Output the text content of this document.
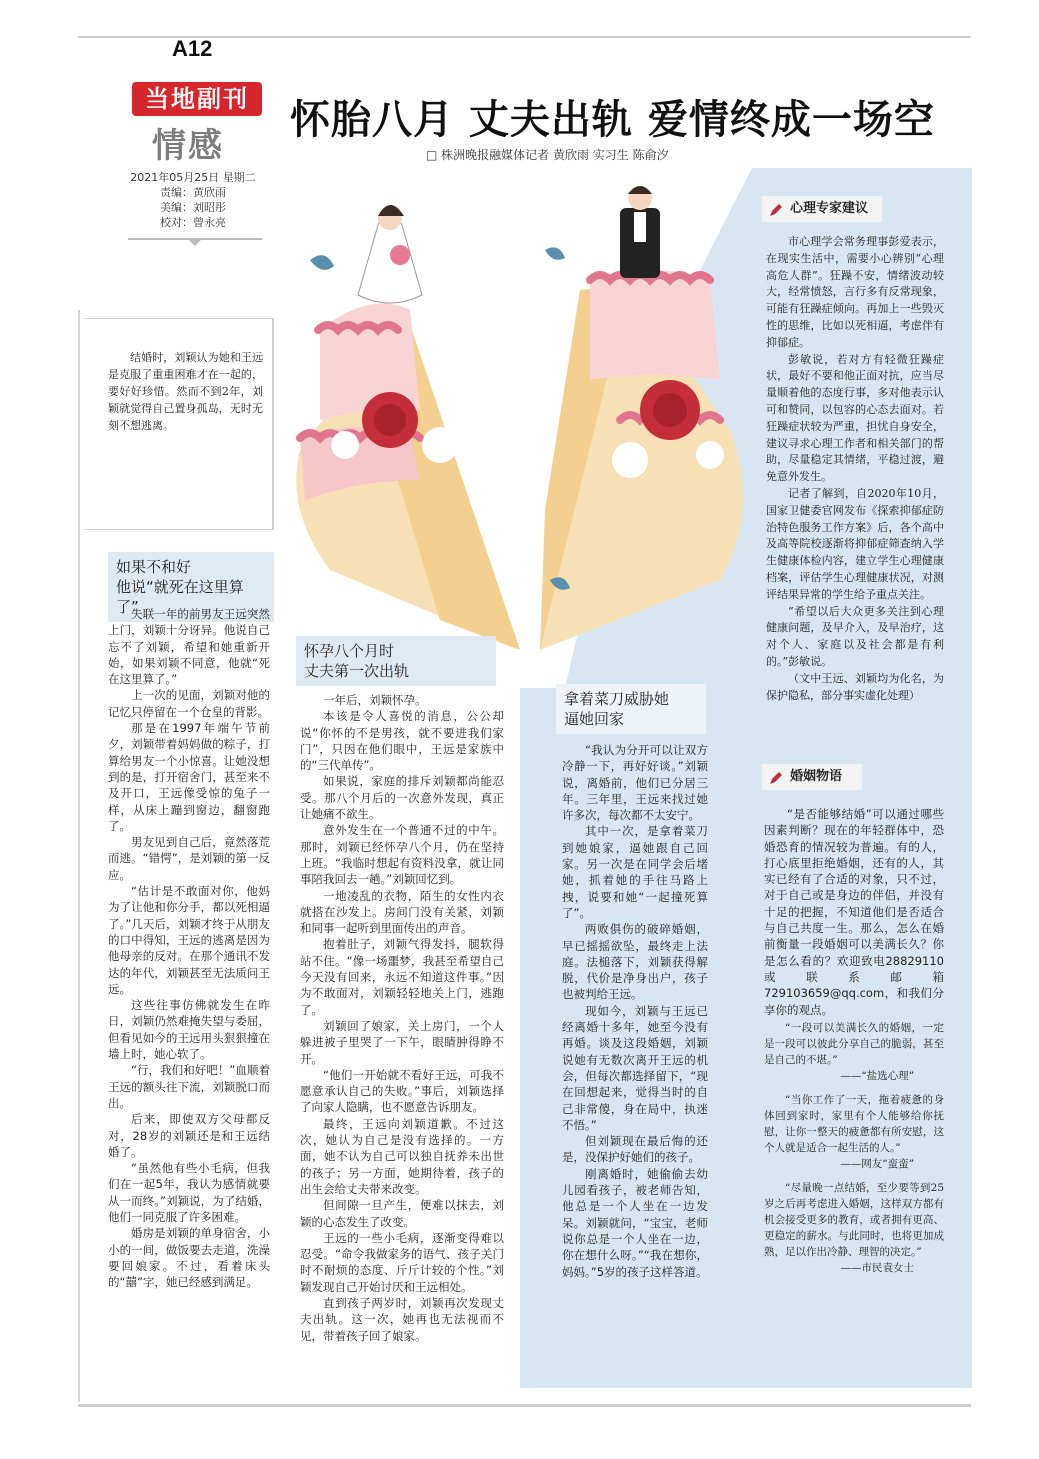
A12
当地副刊
情感
2021年05月25日 星期二
责编：黄欣雨
美编：刘昭彤
校对：曾永亮
怀胎八月 丈夫出轨 爱情终成一场空
□ 株洲晚报融媒体记者 黄欣雨 实习生 陈俞汐

结婚时，刘颖认为她和王远是克服了重重困难才在一起的，要好好珍惜。然而不到2年，刘颖就觉得自己置身孤岛，无时无刻不想逃离。

如果不和好
他说“就死在这里算了”

失联一年的前男友王远突然上门，刘颖十分讶异。他说自己忘不了刘颖，希望和她重新开始，如果刘颖不同意，他就“死在这里算了。”

上一次的见面，刘颖对他的记忆只停留在一个仓皇的背影。

那是在1997年端午节前夕，刘颖带着妈妈做的粽子，打算给男友一个小惊喜。让她没想到的是，打开宿舍门，甚至来不及开口，王远像受惊的兔子一样，从床上蹦到窗边，翻窗跑了。

男友见到自己后，竟然落荒而逃。“错愕”，是刘颖的第一反应。

“估计是不敢面对你，他妈为了让他和你分手，都以死相逼了。”几天后，刘颖才终于从朋友的口中得知，王远的逃离是因为他母亲的反对。在那个通讯不发达的年代，刘颖甚至无法质问王远。

这些往事仿佛就发生在昨日，刘颖仍然难掩失望与委屈，但看见如今的王远用头狠狠撞在墙上时，她心软了。

“行，我们和好吧！”血顺着王远的额头往下流，刘颖脱口而出。

后来，即使双方父母都反对，28岁的刘颖还是和王远结婚了。

“虽然他有些小毛病，但我们在一起5年，我认为感情就要从一而终。”刘颖说，为了结婚，他们一同克服了许多困难。

婚房是刘颖的单身宿舍，小小的一间，做饭要去走道，洗澡要回娘家。不过，看着床头的“囍”字，她已经感到满足。

怀孕八个月时
丈夫第一次出轨

一年后，刘颖怀孕。

本该是令人喜悦的消息，公公却说“你怀的不是男孩，就不要进我们家门”，只因在他们眼中，王远是家族中的“三代单传”。

如果说，家庭的排斥刘颖都尚能忍受。那八个月后的一次意外发现，真正让她痛不欲生。

意外发生在一个普通不过的中午。那时，刘颖已经怀孕八个月，仍在坚持上班。“我临时想起有资料没拿，就让同事陪我回去一趟。”刘颖回忆到。

一地凌乱的衣物，陌生的女性内衣就搭在沙发上。房间门没有关紧，刘颖和同事一起听到里面传出的声音。

抱着肚子，刘颖气得发抖，腿软得站不住。“像一场噩梦，我甚至希望自己今天没有回来，永远不知道这件事。”因为不敢面对，刘颖轻轻地关上门，逃跑了。

刘颖回了娘家，关上房门，一个人躲进被子里哭了一下午，眼睛肿得睁不开。

“他们一开始就不看好王远，可我不愿意承认自己的失败。”事后，刘颖选择了向家人隐瞒，也不愿意告诉朋友。

最终，王远向刘颖道歉。不过这次，她认为自己是没有选择的。一方面，她不认为自己可以独自抚养未出世的孩子；另一方面，她期待着，孩子的出生会给丈夫带来改变。

但间隙一旦产生，便难以抹去，刘颖的心态发生了改变。

王远的一些小毛病，逐渐变得难以忍受。“命令我做家务的语气、孩子关门时不耐烦的态度、斤斤计较的个性。”刘颖发现自己开始讨厌和王远相处。

直到孩子两岁时，刘颖再次发现丈夫出轨。这一次，她再也无法视而不见，带着孩子回了娘家。

拿着菜刀威胁她
逼她回家

“我认为分开可以让双方冷静一下，再好好谈。”刘颖说，离婚前，他们已分居三年。三年里，王远来找过她许多次，每次都不太安宁。

其中一次，是拿着菜刀到她娘家，逼她跟自己回家。另一次是在同学会后堵她，抓着她的手往马路上拽，说要和她“一起撞死算了”。

两败俱伤的破碎婚姻，早已摇摇欲坠，最终走上法庭。法槌落下，刘颖获得解脱，代价是净身出户，孩子也被判给王远。

现如今，刘颖与王远已经离婚十多年，她至今没有再婚。谈及这段婚姻，刘颖说她有无数次离开王远的机会，但每次都选择留下，“现在回想起来，觉得当时的自己非常傻，身在局中，执迷不悟。”

但刘颖现在最后悔的还是，没保护好她们的孩子。

刚离婚时，她偷偷去幼儿园看孩子，被老师告知，他总是一个人坐在一边发呆。刘颖就问，“宝宝，老师说你总是一个人坐在一边，你在想什么呀。”“我在想你，妈妈。”5岁的孩子这样答道。

心理专家建议

市心理学会常务理事彭爱表示，在现实生活中，需要小心辨别“心理高危人群”。狂躁不安，情绪波动较大，经常愤怒，言行多有反常现象，可能有狂躁症倾向。再加上一些毁灭性的思维，比如以死相逼，考虑伴有抑郁症。

彭敏说，若对方有轻微狂躁症状，最好不要和他正面对抗，应当尽量顺着他的态度行事，多对他表示认可和赞同，以包容的心态去面对。若狂躁症状较为严重，担忧自身安全，建议寻求心理工作者和相关部门的帮助，尽量稳定其情绪，平稳过渡，避免意外发生。

记者了解到，自2020年10月，国家卫健委官网发布《探索抑郁症防治特色服务工作方案》后，各个高中及高等院校逐渐将抑郁症筛查纳入学生健康体检内容，建立学生心理健康档案，评估学生心理健康状况，对测评结果异常的学生给予重点关注。

“希望以后大众更多关注到心理健康问题，及早介入，及早治疗，这对个人、家庭以及社会都是有利的。”彭敏说。

（文中王远、刘颖均为化名，为保护隐私，部分事实虚化处理）

婚姻物语

“是否能够结婚”可以通过哪些因素判断？现在的年轻群体中，恐婚恐育的情况较为普遍。有的人，打心底里拒绝婚姻，还有的人，其实已经有了合适的对象，只不过，对于自己或是身边的伴侣，并没有十足的把握，不知道他们是否适合与自己共度一生。那么，怎么在婚前衡量一段婚姻可以美满长久？你是怎么看的？欢迎致电28829110或联系邮箱729103659@qq.com，和我们分享你的观点。

“一段可以美满长久的婚姻，一定是一段可以彼此分享自己的脆弱，甚至是自己的不堪。”

——“盐选心理”

“当你工作了一天，拖着疲惫的身体回到家时，家里有个人能够给你抚慰，让你一整天的疲惫都有所安慰，这个人就是适合一起生活的人。”

——网友“蛮蛮”

“尽量晚一点结婚，至少要等到25岁之后再考虑进入婚姻，这样双方都有机会接受更多的教育，或者拥有更高、更稳定的薪水。与此同时，也将更加成熟，足以作出冷静、理智的决定。”

——市民袁女士
